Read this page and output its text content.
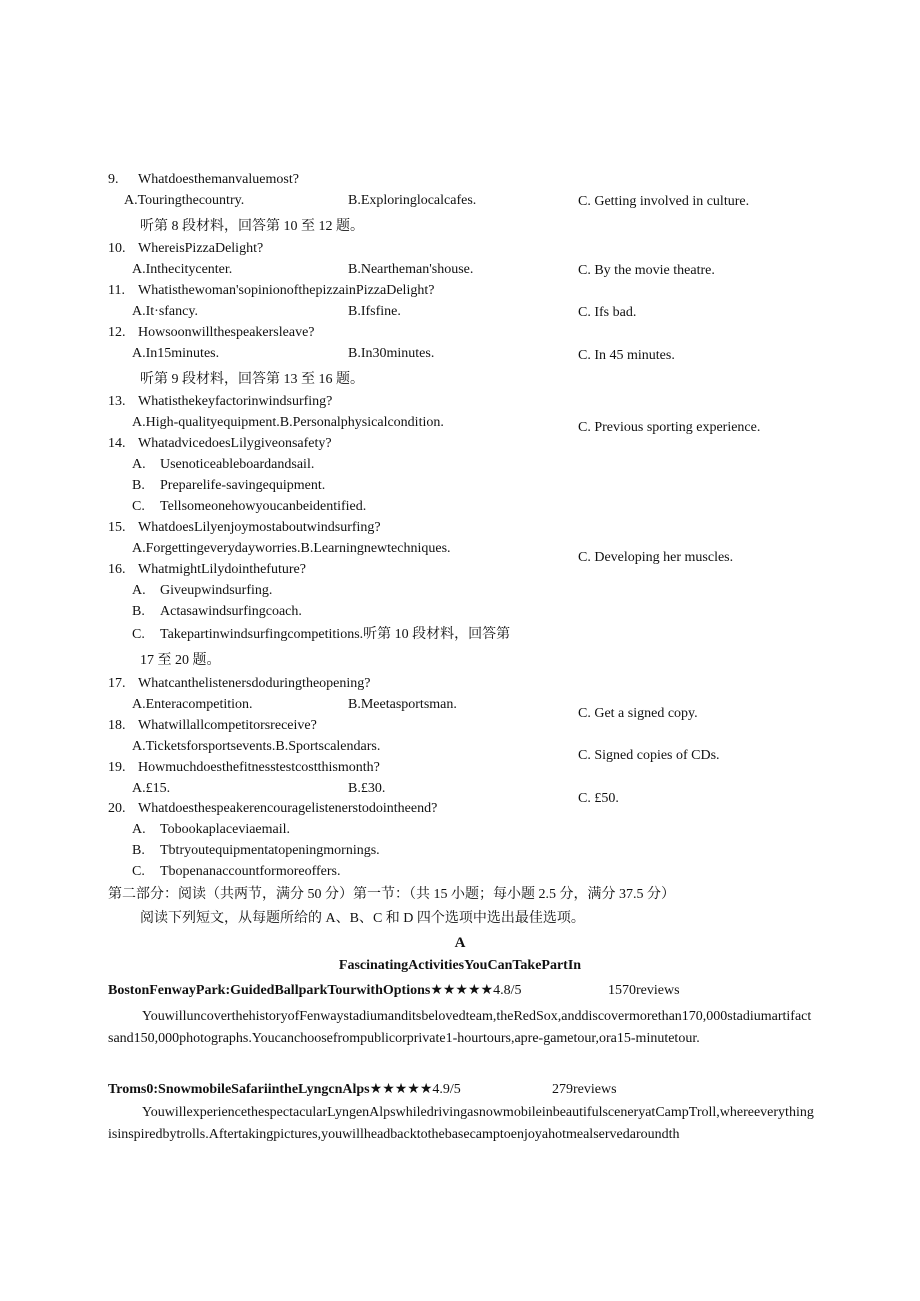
9. Whatdoesthemanvaluemost?
A.Touringthecountry.	B.Exploringlocalcafes.	C. Getting involved in culture.
听第 8 段材料，回答第 10 至 12 题。
10. WhereisPizzaDelight?
A.Inthecitycenter.	B.Neartheman'shouse.	C. By the movie theatre.
11. Whatisthewoman'sopinionofthepizzainPizzaDelight?
A.It·sfancy.	B.Ifsfine.	C. Ifs bad.
12. Howsoonwillthespeakersleave?
A.In15minutes.	B.In30minutes.	C. In 45 minutes.
听第 9 段材料，回答第 13 至 16 题。
13. Whatisthekeyfactorinwindsurfing?
A.High-qualityequipment.B.Personalphysicalcondition.	C. Previous sporting experience.
14. WhatadvicedoesLilygiveonsafety?
A. Usenoticeableboardandsail.
B. Preparelife-savingequipment.
C. Tellsomeonehowyoucanbeidentified.
15. WhatdoesLilyenjoymostaboutwindsurfing?
A.Forgettingeverydayworries.B.Learningnewtechniques.
C. Developing her muscles.
16. WhatmightLilydointhefuture?
A. Giveupwindsurfing.
B. Actasawindsurfingcoach.
C. Takepartinwindsurfingcompetitions.听第 10 段材料，回答第
17 至 20 题。
17. Whatcanthelistenersdoduringtheopening?
A.Enteracompetition.	B.Meetasportsman.
C. Get a signed copy.
18. Whatwillallcompetitorsreceive?
A.Ticketsforsportsevents.B.Sportscalendars.
C. Signed copies of CDs.
19. Howmuchdoesthefitnesstestcostthismonth?
A.£15.	B.£30.
C. £50.
20. Whatdoesthespeakerencouragelistenerstodointheend?
A. Tobookaplaceviaemail.
B. Tbtryoutequipmentatopeningmornings.
C. Tbopenanaccountformoreoffers.
第二部分：阅读（共两节，满分 50 分）第一节：（共 15 小题；每小题 2.5 分，满分 37.5 分）
阅读下列短文，从每题所给的 A、B、C 和 D 四个选项中选出最佳选项。
A
FascinatingActivitiesYouCanTakePartIn
BostonFenwayPark:GuidedBallparkTourwithOptions★★★★★4.8/5	1570reviews
YouwilluncoverthehistoryofFenwaystadiumanditsbelovedteam,theRedSox,anddiscovermorethan170,000stadiumartifactsand150,000photographs.Youcanchoosefrompublicorprivate1-hourtours,apre-gametour,ora15-minutetour.
Troms0:SnowmobileSafariintheLyngcnAlps★★★★★4.9/5	279reviews
YouwillexperiencethespectacularLyngenAlpswhiledrivingasnowmobileinbeautifulsceneryatCampTroll,whereeverythingisinspiredbytrolls.Aftertakingpictures,youwillheadbacktothebasecamptoenjoyahotmealservedaroundth
